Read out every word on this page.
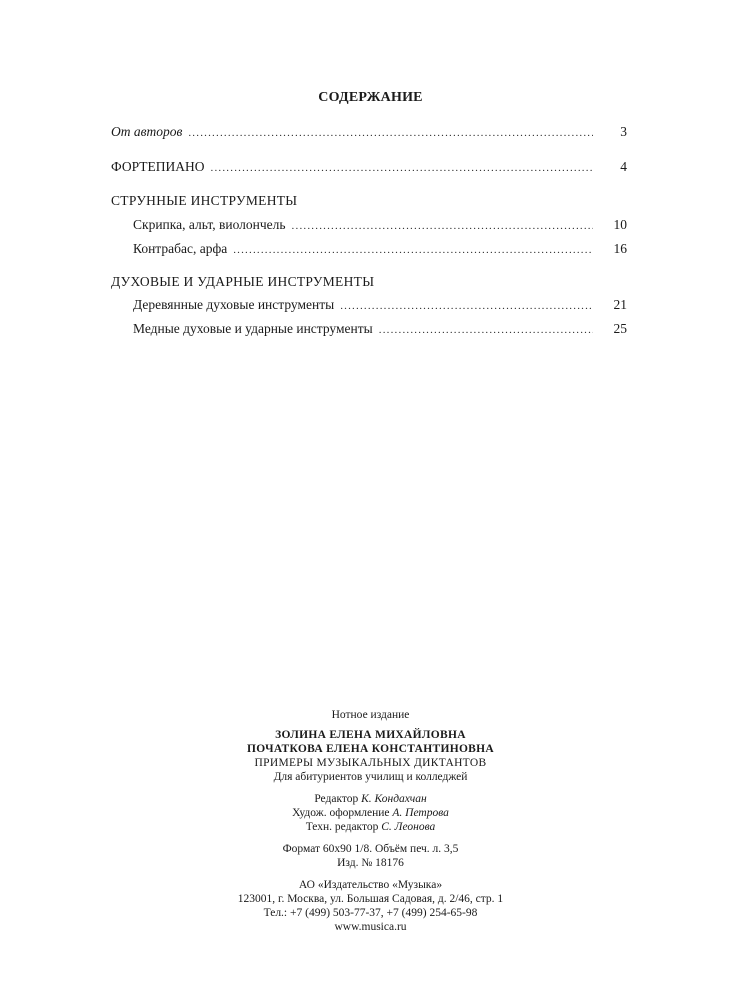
СОДЕРЖАНИЕ
От авторов .....	3
ФОРТЕПИАНО .....	4
СТРУННЫЕ ИНСТРУМЕНТЫ
Скрипка, альт, виолончель .....	10
Контрабас, арфа .....	16
ДУХОВЫЕ И УДАРНЫЕ ИНСТРУМЕНТЫ
Деревянные духовые инструменты .....	21
Медные духовые и ударные инструменты .....	25
Нотное издание
ЗОЛИНА ЕЛЕНА МИХАЙЛОВНА
ПОЧАТКОВА ЕЛЕНА КОНСТАНТИНОВНА
ПРИМЕРЫ МУЗЫКАЛЬНЫХ ДИКТАНТОВ
Для абитуриентов училищ и колледжей
Редактор К. Кондахчан
Худож. оформление А. Петрова
Техн. редактор С. Леонова
Формат 60х90 1/8. Объём печ. л. 3,5
Изд. № 18176
АО «Издательство «Музыка»
123001, г. Москва, ул. Большая Садовая, д. 2/46, стр. 1
Тел.: +7 (499) 503-77-37, +7 (499) 254-65-98
www.musica.ru
